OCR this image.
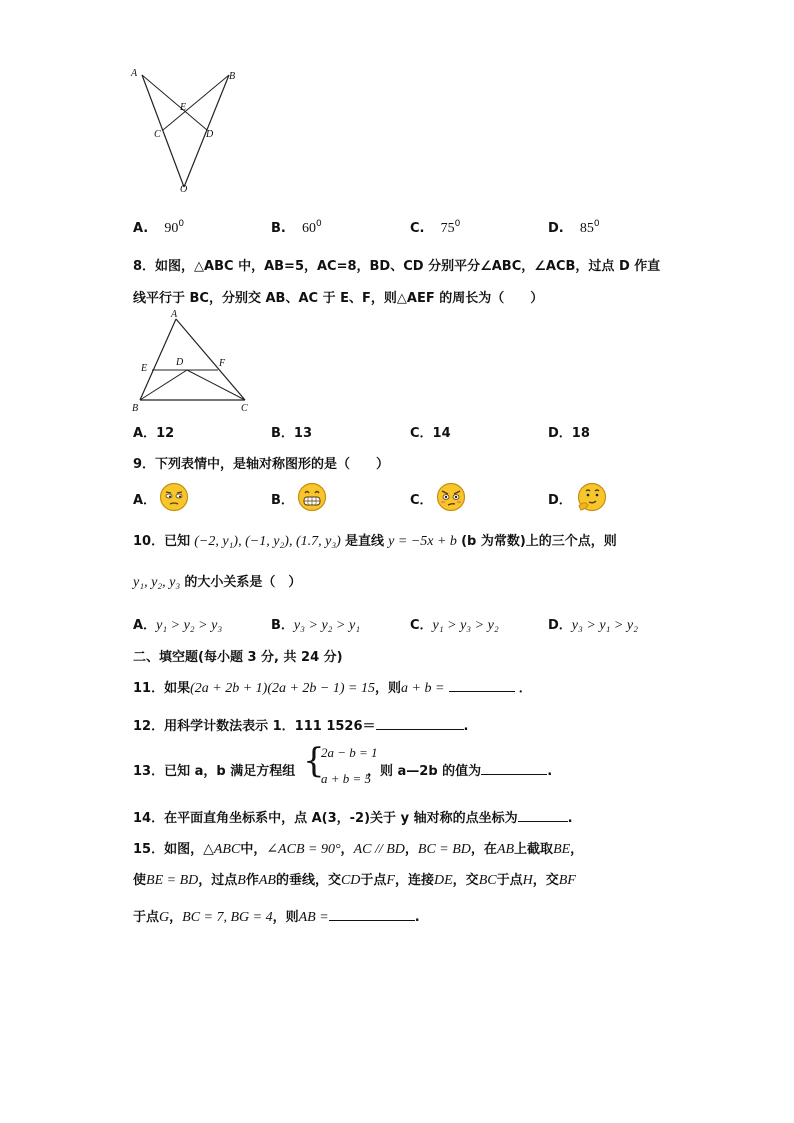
A	B
E
C	D
O
A. $90^0$	B. $60^0$	C. $75^0$	D. $85^0$
8．如图，△ABC 中，AB=5，AC=8，BD、CD 分别平分∠ABC，∠ACB，过点 D 作直
线平行于 BC，分别交 AB、AC 于 E、F，则△AEF 的周长为（　　）
A
D	F
E
B	C
A．12	B．13	C．14	D．18
9．下列表情中，是轴对称图形的是（　　）
A．	B．	C．	D．
10．已知 (−2, y₁), (−1, y₂), (1.7, y₃) 是直线 y = −5x + b (b 为常数)上的三个点，则
y₁, y₂, y₃ 的大小关系是（　）
A．y₁ > y₂ > y₃	B．y₃ > y₂ > y₁	C．y₁ > y₃ > y₂	D．y₃ > y₁ > y₂
二、填空题(每小题 3 分, 共 24 分)
11．如果(2a + 2b + 1)(2a + 2b − 1) = 15，则a + b =	．
12．用科学计数法表示 1．111 1526＝	.
13．已知 a，b 满足方程组 {
2a − b = 1
a + b = 5
，则 a—2b 的值为	.
14．在平面直角坐标系中，点 A(3，-2)关于 y 轴对称的点坐标为	.
15．如图，△ABC中，∠ACB = 90°，AC // BD，BC = BD，在AB上截取BE，
使BE = BD，过点B作AB的垂线，交CD于点F，连接DE，交BC于点H，交BF
于点G，BC = 7, BG = 4，则AB =	.
